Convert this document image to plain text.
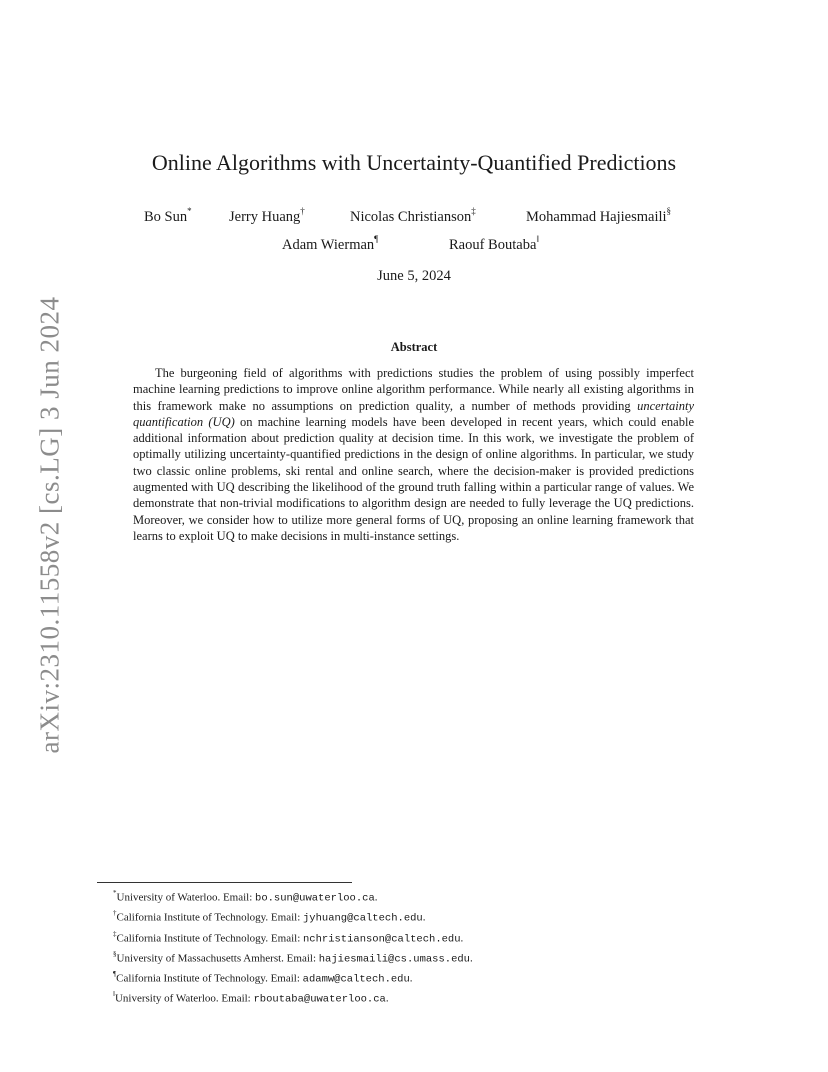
arXiv:2310.11558v2 [cs.LG] 3 Jun 2024
Online Algorithms with Uncertainty-Quantified Predictions
Bo Sun*	Jerry Huang†	Nicolas Christianson‡	Mohammad Hajiesmaili§
Adam Wierman¶	Raouf Boutaba‖
June 5, 2024
Abstract

The burgeoning field of algorithms with predictions studies the problem of using possibly imperfect machine learning predictions to improve online algorithm performance. While nearly all existing algorithms in this framework make no assumptions on prediction quality, a number of methods providing uncertainty quantification (UQ) on machine learning models have been developed in recent years, which could enable additional information about prediction quality at decision time. In this work, we investigate the problem of optimally utilizing uncertainty-quantified predictions in the design of online algorithms. In particular, we study two classic online problems, ski rental and online search, where the decision-maker is provided predictions augmented with UQ describing the likelihood of the ground truth falling within a particular range of values. We demonstrate that non-trivial modifications to algorithm design are needed to fully leverage the UQ predictions. Moreover, we consider how to utilize more general forms of UQ, proposing an online learning framework that learns to exploit UQ to make decisions in multi-instance settings.

*University of Waterloo. Email: bo.sun@uwaterloo.ca.
†California Institute of Technology. Email: jyhuang@caltech.edu.
‡California Institute of Technology. Email: nchristianson@caltech.edu.
§University of Massachusetts Amherst. Email: hajiesmaili@cs.umass.edu.
¶California Institute of Technology. Email: adamw@caltech.edu.
‖University of Waterloo. Email: rboutaba@uwaterloo.ca.
